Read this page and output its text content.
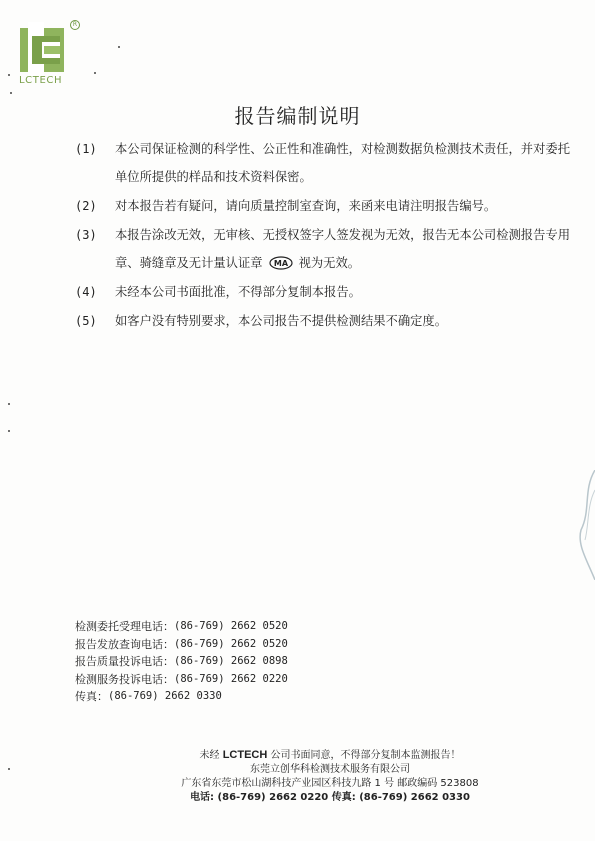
R
LCTECH
报告编制说明
(1)	本公司保证检测的科学性、公正性和准确性，对检测数据负检测技术责任，并对委托单位所提供的样品和技术资料保密。
(2)	对本报告若有疑问，请向质量控制室查询，来函来电请注明报告编号。
(3)	本报告涂改无效，无审核、无授权签字人签发视为无效，报告无本公司检测报告专用章、骑缝章及无计量认证章 MA 视为无效。
(4)	未经本公司书面批准，不得部分复制本报告。
(5)	如客户没有特别要求，本公司报告不提供检测结果不确定度。
检测委托受理电话： (86-769) 2662 0520
报告发放查询电话： (86-769) 2662 0520
报告质量投诉电话： (86-769) 2662 0898
检测服务投诉电话： (86-769) 2662 0220
传真： (86-769) 2662 0330
未经 LCTECH 公司书面同意，不得部分复制本监测报告！
东莞立创华科检测技术服务有限公司
广东省东莞市松山湖科技产业园区科技九路 1 号 邮政编码 523808
电话: (86-769) 2662 0220 传真: (86-769) 2662 0330
